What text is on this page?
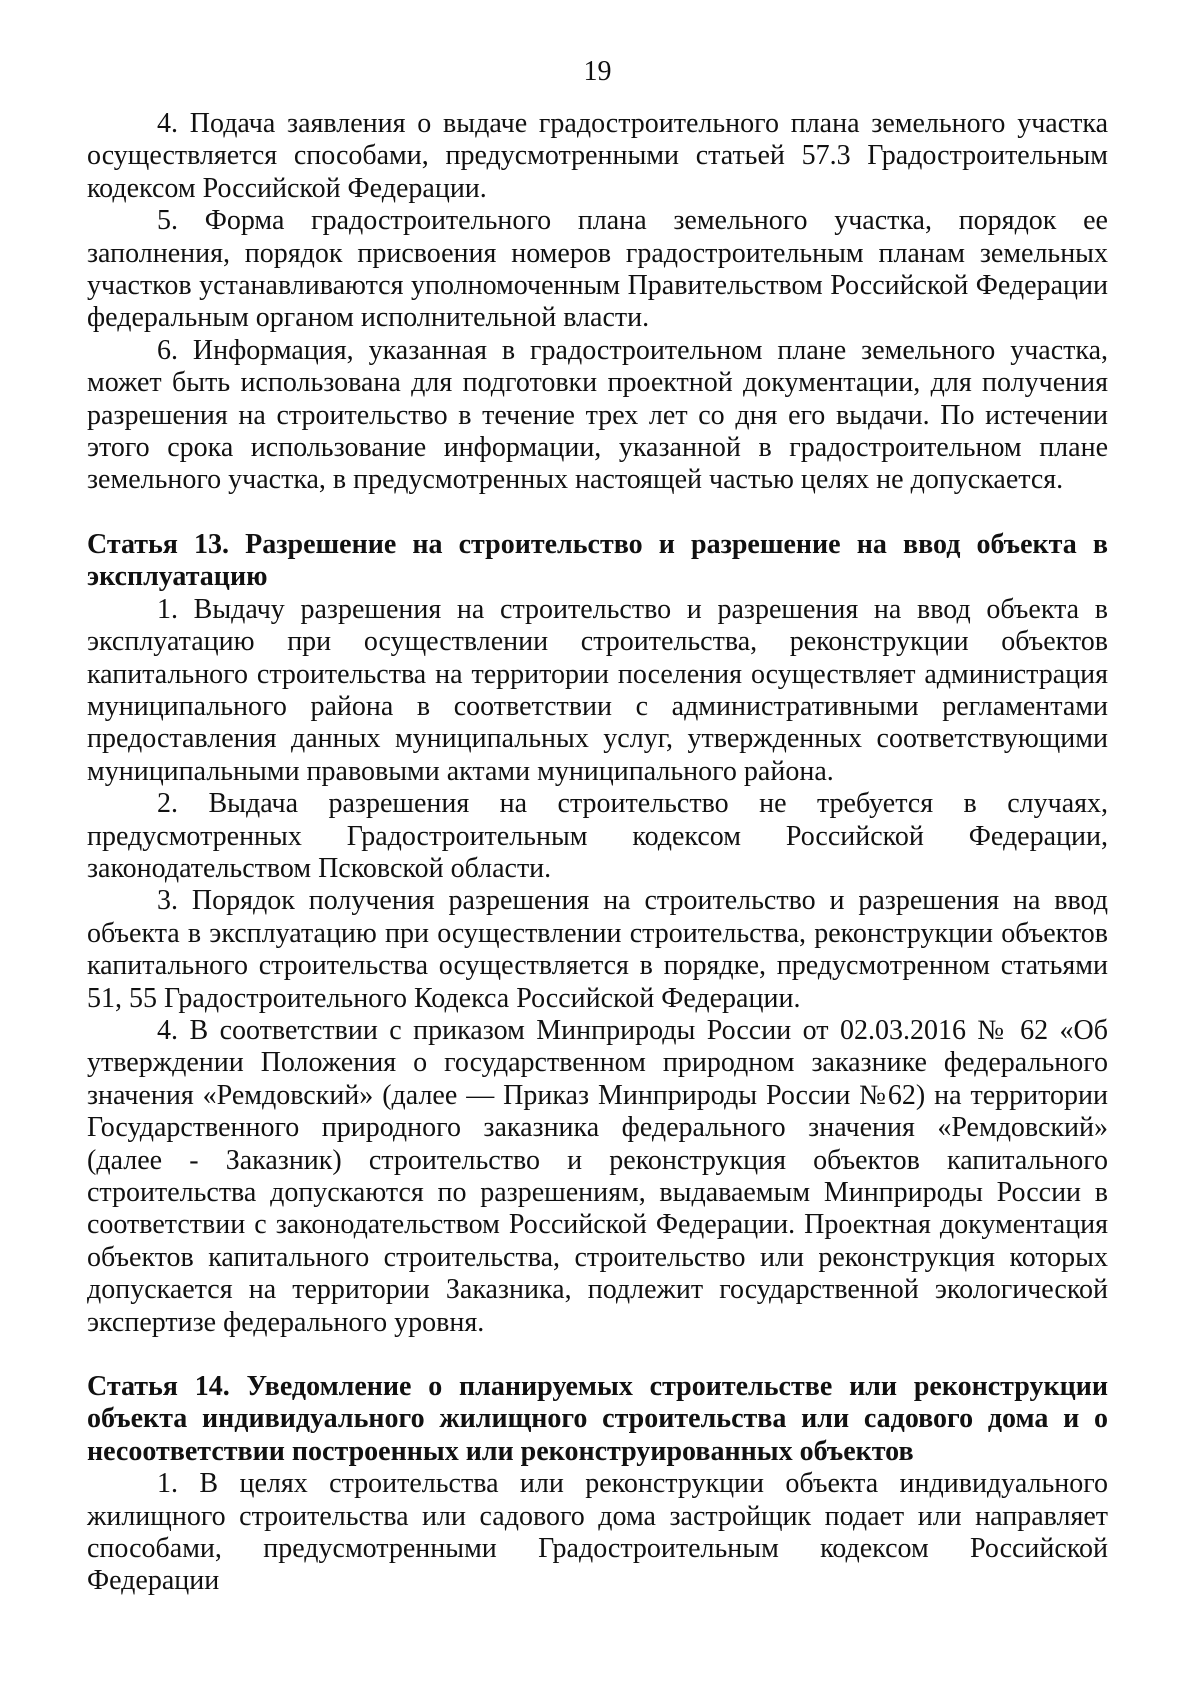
19

4. Подача заявления о выдаче градостроительного плана земельного участка осуществляется способами, предусмотренными статьей 57.3 Градостроительным кодексом Российской Федерации.

5. Форма градостроительного плана земельного участка, порядок ее заполнения, порядок присвоения номеров градостроительным планам земельных участков устанавливаются уполномоченным Правительством Российской Федерации федеральным органом исполнительной власти.

6. Информация, указанная в градостроительном плане земельного участка, может быть использована для подготовки проектной документации, для получения разрешения на строительство в течение трех лет со дня его выдачи. По истечении этого срока использование информации, указанной в градостроительном плане земельного участка, в предусмотренных настоящей частью целях не допускается.

Статья 13. Разрешение на строительство и разрешение на ввод объекта в эксплуатацию

1. Выдачу разрешения на строительство и разрешения на ввод объекта в эксплуатацию при осуществлении строительства, реконструкции объектов капитального строительства на территории поселения осуществляет администрация муниципального района в соответствии с административными регламентами предоставления данных муниципальных услуг, утвержденных соответствующими муниципальными правовыми актами муниципального района.

2. Выдача разрешения на строительство не требуется в случаях, предусмотренных Градостроительным кодексом Российской Федерации, законодательством Псковской области.

3. Порядок получения разрешения на строительство и разрешения на ввод объекта в эксплуатацию при осуществлении строительства, реконструкции объектов капитального строительства осуществляется в порядке, предусмотренном статьями 51, 55 Градостроительного Кодекса Российской Федерации.

4. В соответствии с приказом Минприроды России от 02.03.2016 № 62 «Об утверждении Положения о государственном природном заказнике федерального значения «Ремдовский» (далее — Приказ Минприроды России №62) на территории Государственного природного заказника федерального значения «Ремдовский» (далее - Заказник) строительство и реконструкция объектов капитального строительства допускаются по разрешениям, выдаваемым Минприроды России в соответствии с законодательством Российской Федерации. Проектная документация объектов капитального строительства, строительство или реконструкция которых допускается на территории Заказника, подлежит государственной экологической экспертизе федерального уровня.

Статья 14. Уведомление о планируемых строительстве или реконструкции объекта индивидуального жилищного строительства или садового дома и о несоответствии построенных или реконструированных объектов

1. В целях строительства или реконструкции объекта индивидуального жилищного строительства или садового дома застройщик подает или направляет способами, предусмотренными Градостроительным кодексом Российской Федерации
